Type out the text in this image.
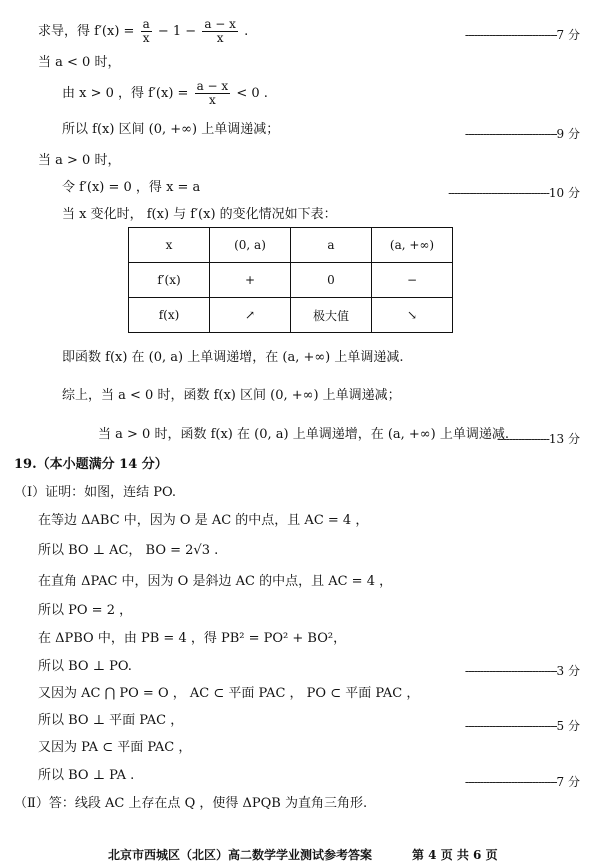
求导，得 $f'(x) = \frac{a}{x} - 1 - \frac{a - x}{x}$ .	------------------------------7 分
当 a < 0 时，
由 x > 0 ，得 $f'(x) = \frac{a - x}{x} < 0$ .
所以 f(x) 区间 (0, +∞) 上单调递减；	------------------------------9 分
当 a > 0 时，
令 f′(x) = 0 ，得 x = a	---------------------------------10 分
当 x 变化时， f(x) 与 f′(x) 的变化情况如下表：
x	(0, a)	a	(a, +∞)
f′(x)	+	0	−
f(x)	↗	极大值	↘
即函数 f(x) 在 (0, a) 上单调递增，在 (a, +∞) 上单调递减.
综上，当 a < 0 时，函数 f(x) 区间 (0, +∞) 上单调递减；
当 a > 0 时，函数 f(x) 在 (0, a) 上单调递增，在 (a, +∞) 上单调递减.
-----------------13 分
19.（本小题满分 14 分）
（Ⅰ）证明：如图，连结 PO.
在等边 ΔABC 中，因为 O 是 AC 的中点，且 AC = 4 ，
所以 BO ⊥ AC， BO = 2√3 .
在直角 ΔPAC 中，因为 O 是斜边 AC 的中点，且 AC = 4 ，
所以 PO = 2 ，
在 ΔPBO 中，由 PB = 4 ，得 PB² = PO² + BO²，
所以 BO ⊥ PO.	------------------------------3 分
又因为 AC ⋂ PO = O ， AC ⊂ 平面 PAC ， PO ⊂ 平面 PAC ，
所以 BO ⊥ 平面 PAC ，	------------------------------5 分
又因为 PA ⊂ 平面 PAC ，
所以 BO ⊥ PA .	------------------------------7 分
（Ⅱ）答：线段 AC 上存在点 Q ，使得 ΔPQB 为直角三角形.
北京市西城区（北区）高二数学学业测试参考答案	第 4 页 共 6 页
